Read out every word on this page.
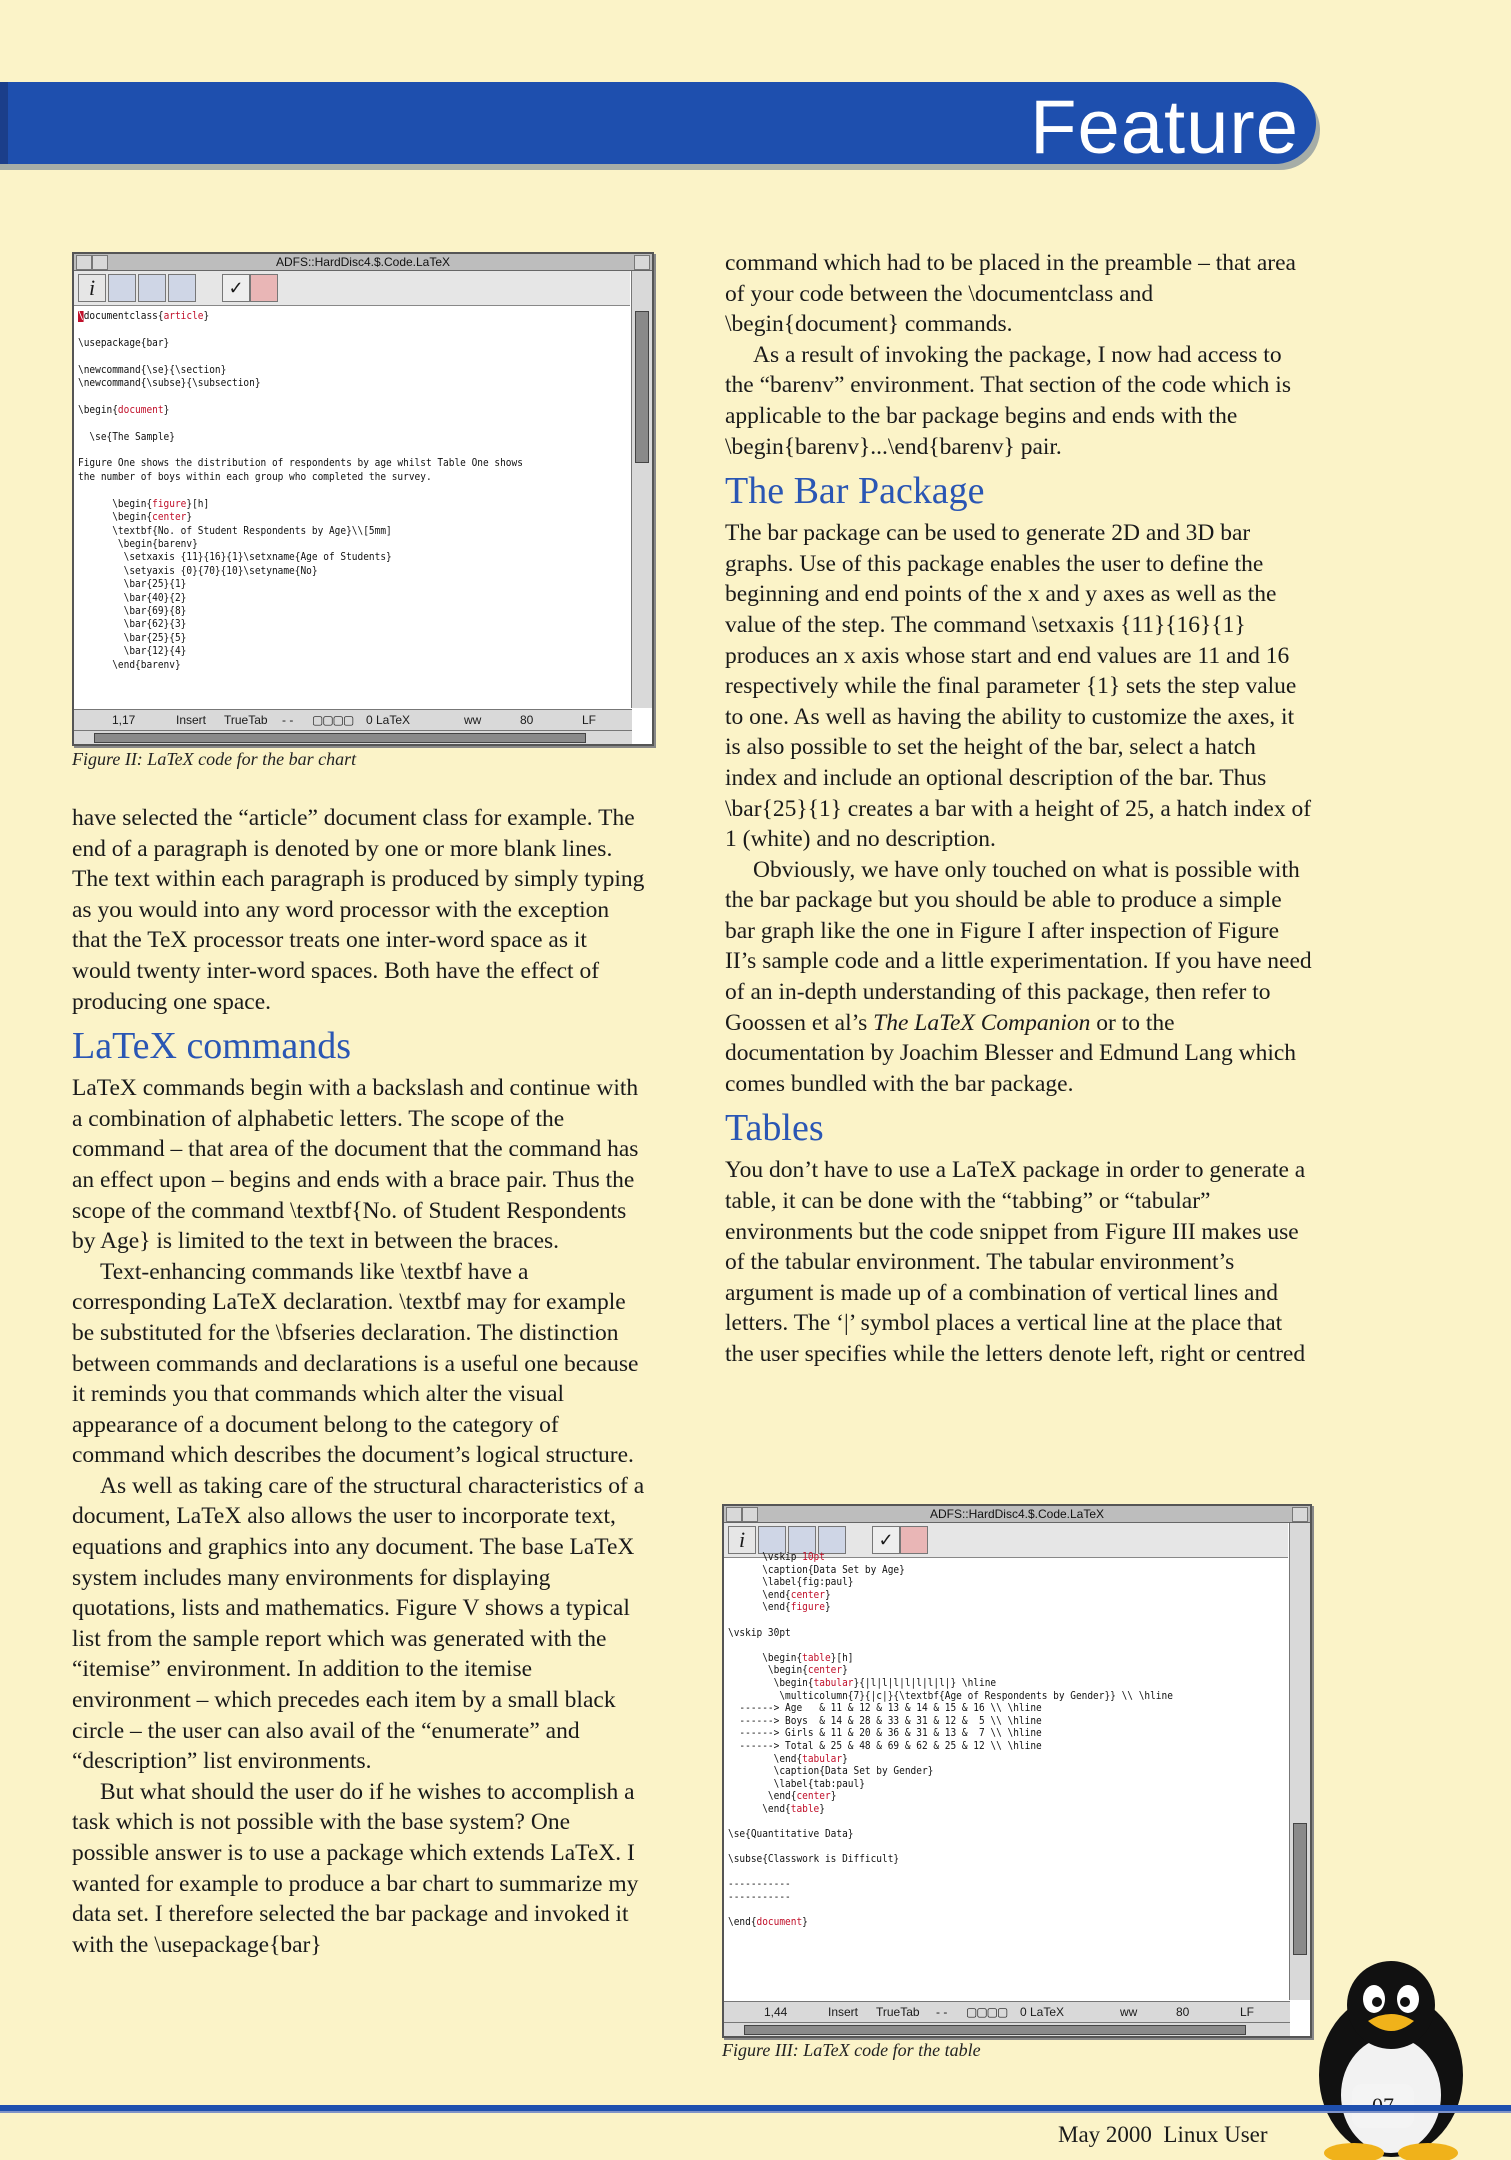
Feature
ADFS::HardDisc4.$.Code.LaTeX
i	✓
\documentclass{article}

\usepackage{bar}

\newcommand{\se}{\section}
\newcommand{\subse}{\subsection}

\begin{document}

\se{The Sample}

Figure One shows the distribution of respondents by age whilst Table One shows
the number of boys within each group who completed the survey.

\begin{figure}[h]
\begin{center}
\textbf{No. of Student Respondents by Age}\\[5mm]
\begin{barenv}
\setxaxis {11}{16}{1}\setxname{Age of Students}
\setyaxis {0}{70}{10}\setyname{No}
\bar{25}{1}
\bar{40}{2}
\bar{69}{8}
\bar{62}{3}
\bar{25}{5}
\bar{12}{4}
\end{barenv}
1,17	Insert TrueTab - - ▢▢▢▢ 0 LaTeX	ww	80	LF
Figure II: LaTeX code for the bar chart

have selected the “article” document class for example. The end of a paragraph is denoted by one or more blank lines. The text within each paragraph is produced by simply typing as you would into any word processor with the exception that the TeX processor treats one inter-word space as it would twenty inter-word spaces. Both have the effect of producing one space.

LaTeX commands

LaTeX commands begin with a backslash and continue with a combination of alphabetic letters. The scope of the command – that area of the document that the command has an effect upon – begins and ends with a brace pair. Thus the scope of the command \textbf{No. of Student Respondents by Age} is limited to the text in between the braces.

Text-enhancing commands like \textbf have a corresponding LaTeX declaration. \textbf may for example be substituted for the \bfseries declaration. The distinction between commands and declarations is a useful one because it reminds you that commands which alter the visual appearance of a document belong to the category of command which describes the document’s logical structure.

As well as taking care of the structural characteristics of a document, LaTeX also allows the user to incorporate text, equations and graphics into any document. The base LaTeX system includes many environments for displaying quotations, lists and mathematics. Figure V shows a typical list from the sample report which was generated with the “itemise” environment. In addition to the itemise environment – which precedes each item by a small black circle – the user can also avail of the “enumerate” and “description” list environments.

But what should the user do if he wishes to accomplish a task which is not possible with the base system? One possible answer is to use a package which extends LaTeX. I wanted for example to produce a bar chart to summarize my data set. I therefore selected the bar package and invoked it with the \usepackage{bar}

command which had to be placed in the preamble – that area of your code between the \documentclass and \begin{document} commands.

As a result of invoking the package, I now had access to the “barenv” environment. That section of the code which is applicable to the bar package begins and ends with the \begin{barenv}...\end{barenv} pair.

The Bar Package

The bar package can be used to generate 2D and 3D bar graphs. Use of this package enables the user to define the beginning and end points of the x and y axes as well as the value of the step. The command \setxaxis {11}{16}{1} produces an x axis whose start and end values are 11 and 16 respectively while the final parameter {1} sets the step value to one. As well as having the ability to customize the axes, it is also possible to set the height of the bar, select a hatch index and include an optional description of the bar. Thus \bar{25}{1} creates a bar with a height of 25, a hatch index of 1 (white) and no description.

Obviously, we have only touched on what is possible with the bar package but you should be able to produce a simple bar graph like the one in Figure I after inspection of Figure II’s sample code and a little experimentation. If you have need of an in-depth understanding of this package, then refer to Goossen et al’s The LaTeX Companion or to the documentation by Joachim Blesser and Edmund Lang which comes bundled with the bar package.

Tables

You don’t have to use a LaTeX package in order to generate a table, it can be done with the “tabbing” or “tabular” environments but the code snippet from Figure III makes use of the tabular environment. The tabular environment’s argument is made up of a combination of vertical lines and letters. The ‘|’ symbol places a vertical line at the place that the user specifies while the letters denote left, right or centred

ADFS::HardDisc4.$.Code.LaTeX
i	✓
\vskip 10pt
\caption{Data Set by Age}
\label{fig:paul}
\end{center}
\end{figure}

\vskip 30pt

\begin{table}[h]
\begin{center}
\begin{tabular}{|l|l|l|l|l|l|l|} \hline
\multicolumn{7}{|c|}{\textbf{Age of Respondents by Gender}} \\ \hline
------> Age   & 11 & 12 & 13 & 14 & 15 & 16 \\ \hline
------> Boys  & 14 & 28 & 33 & 31 & 12 &  5 \\ \hline
------> Girls & 11 & 20 & 36 & 31 & 13 &  7 \\ \hline
------> Total & 25 & 48 & 69 & 62 & 25 & 12 \\ \hline
\end{tabular}
\caption{Data Set by Gender}
\label{tab:paul}
\end{center}
\end{table}

\se{Quantitative Data}

\subse{Classwork is Difficult}

-----------
-----------

\end{document}
1,44	Insert TrueTab - - ▢▢▢▢ 0 LaTeX	ww	80	LF
Figure III: LaTeX code for the table
May 2000  Linux User
